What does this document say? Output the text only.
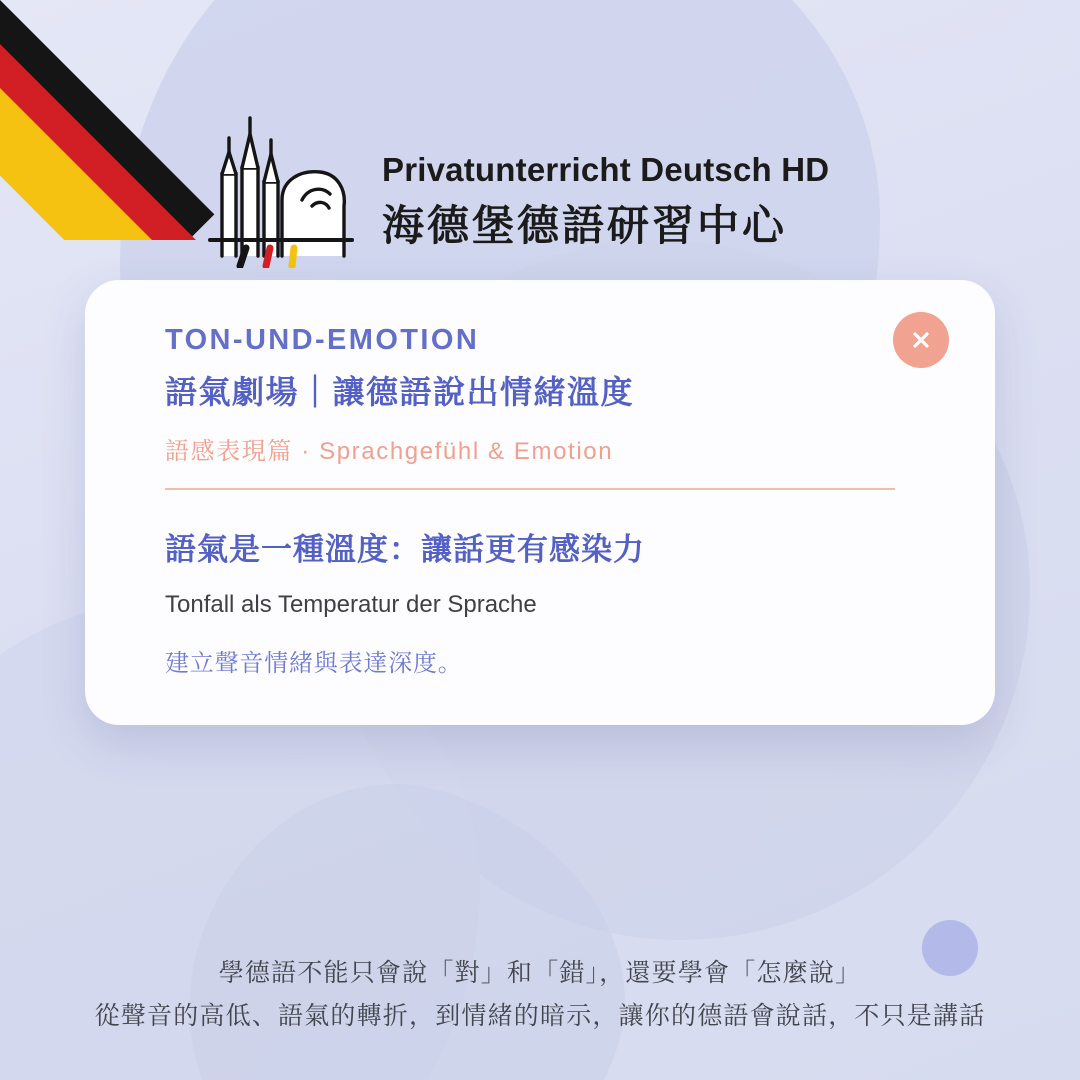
Privatunterricht Deutsch HD
海德堡德語研習中心
TON-UND-EMOTION
語氣劇場｜讓德語說出情緒溫度
語感表現篇 · Sprachgefühl & Emotion
語氣是一種溫度：讓話更有感染力
Tonfall als Temperatur der Sprache
建立聲音情緒與表達深度。
學德語不能只會說「對」和「錯」，還要學會「怎麼說」
從聲音的高低、語氣的轉折，到情緒的暗示，讓你的德語會說話，不只是講話
